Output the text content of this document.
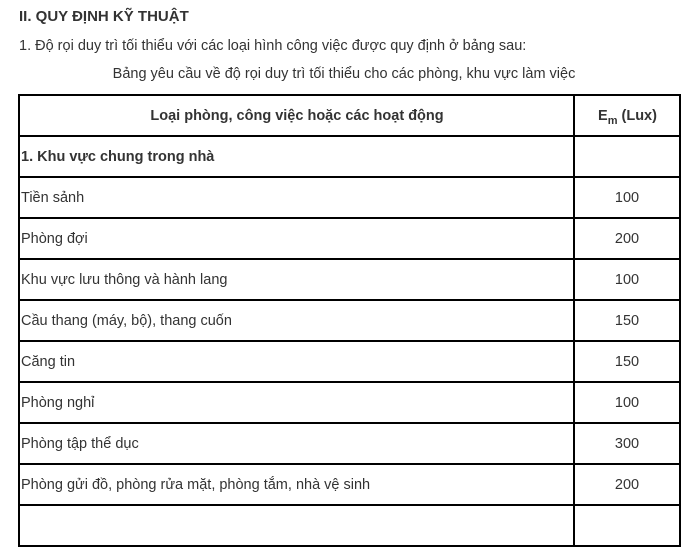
II. QUY ĐỊNH KỸ THUẬT
1. Độ rọi duy trì tối thiểu với các loại hình công việc được quy định ở bảng sau:
Bảng yêu cầu về độ rọi duy trì tối thiểu cho các phòng, khu vực làm việc
Loại phòng, công việc hoặc các hoạt động	$E_m$ (Lux)
1. Khu vực chung trong nhà	
Tiền sảnh	100
Phòng đợi	200
Khu vực lưu thông và hành lang	100
Cầu thang (máy, bộ), thang cuốn	150
Căng tin	150
Phòng nghỉ	100
Phòng tập thể dục	300
Phòng gửi đồ, phòng rửa mặt, phòng tắm, nhà vệ sinh	200
